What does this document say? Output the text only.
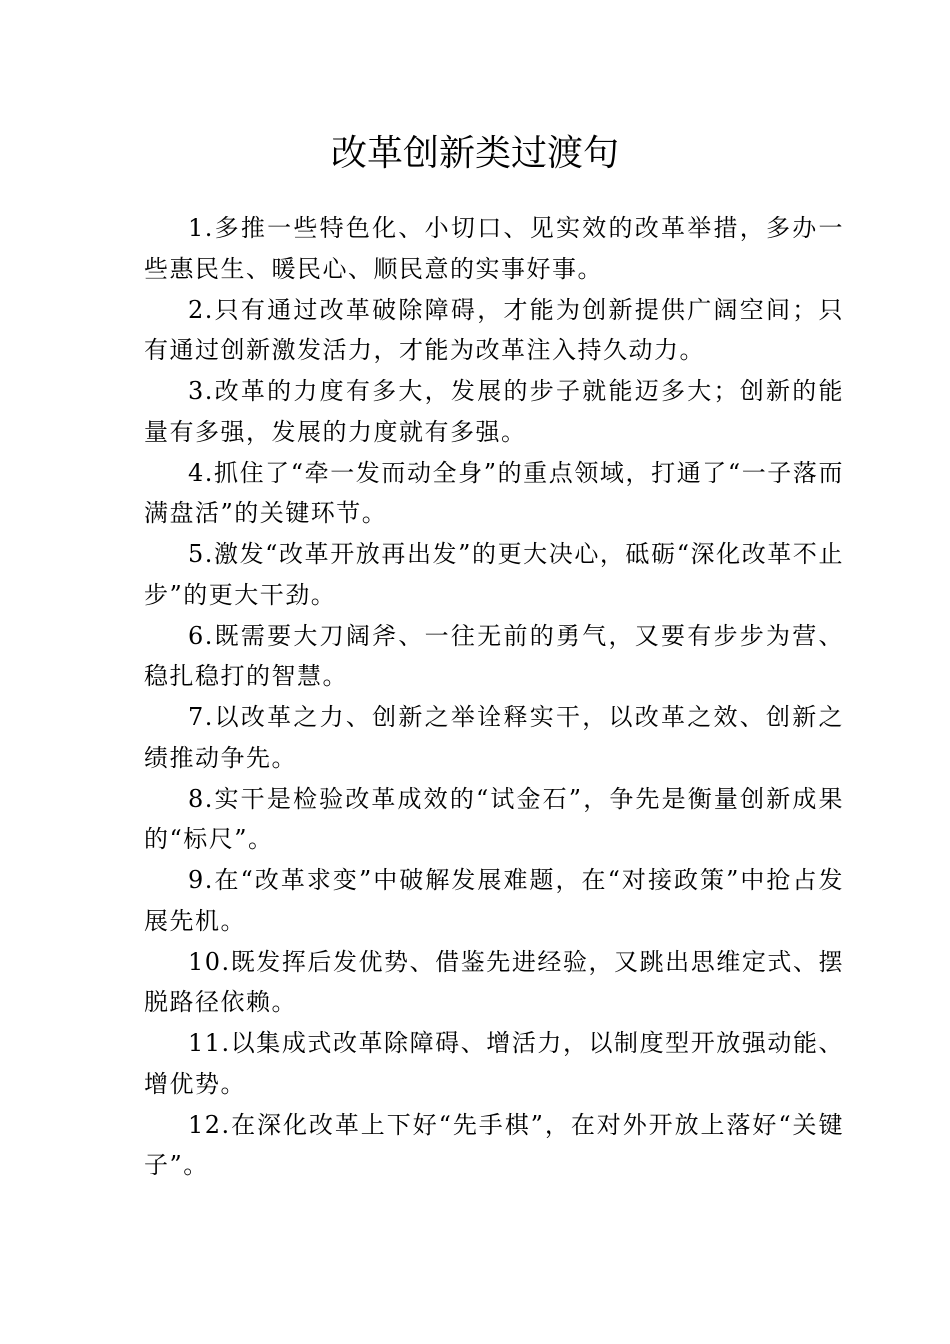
改革创新类过渡句

1.多推一些特色化、小切口、见实效的改革举措，多办一些惠民生、暖民心、顺民意的实事好事。

2.只有通过改革破除障碍，才能为创新提供广阔空间；只有通过创新激发活力，才能为改革注入持久动力。

3.改革的力度有多大，发展的步子就能迈多大；创新的能量有多强，发展的力度就有多强。

4.抓住了“牵一发而动全身”的重点领域，打通了“一子落而满盘活”的关键环节。

5.激发“改革开放再出发”的更大决心，砥砺“深化改革不止步”的更大干劲。

6.既需要大刀阔斧、一往无前的勇气，又要有步步为营、稳扎稳打的智慧。

7.以改革之力、创新之举诠释实干，以改革之效、创新之绩推动争先。

8.实干是检验改革成效的“试金石”，争先是衡量创新成果的“标尺”。

9.在“改革求变”中破解发展难题，在“对接政策”中抢占发展先机。

10.既发挥后发优势、借鉴先进经验，又跳出思维定式、摆脱路径依赖。

11.以集成式改革除障碍、增活力，以制度型开放强动能、增优势。

12.在深化改革上下好“先手棋”，在对外开放上落好“关键子”。
